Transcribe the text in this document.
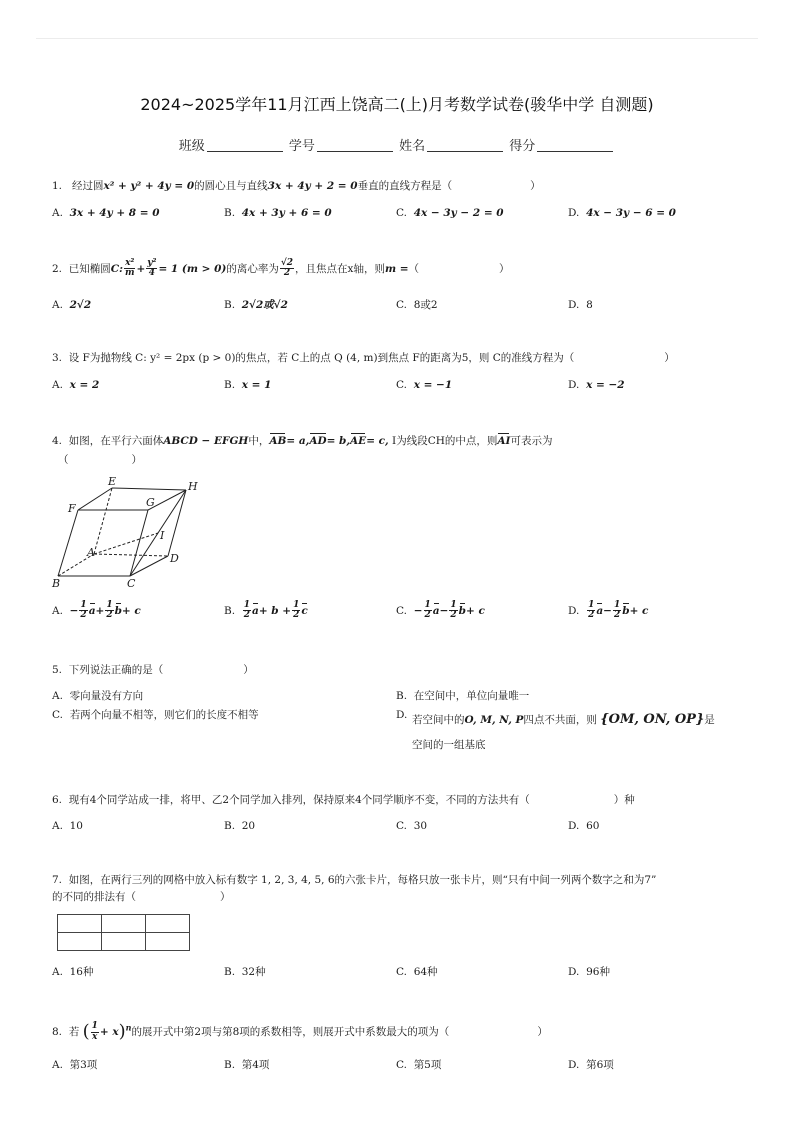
2024~2025学年11月江西上饶高二(上)月考数学试卷(骏华中学 自测题)
班级	学号	姓名	得分
1. 经过圆x² + y² + 4y = 0的圆心且与直线3x + 4y + 2 = 0垂直的直线方程是（	）
A. 3x + 4y + 8 = 0	B. 4x + 3y + 6 = 0	C. 4x − 3y − 2 = 0	D. 4x − 3y − 6 = 0
2. 已知椭圆C: $\frac{\text{x²}}{m} + \frac{\text{y²}}{4} = 1$ (m > 0)的离心率为 $\frac{√2}{2}$ ，且焦点在x轴，则m =（	）
A. 2√2	B. 2√2或√2	C. 8或2	D. 8
3. 设 F为抛物线 C: y² = 2px (p > 0)的焦点，若 C上的点 Q (4, m)到焦点 F的距离为5，则 C的准线方程为（	）
A. x = 2	B. x = 1	C. x = −1	D. x = −2
4. 如图，在平行六面体ABCD − EFGH中，AB= a,AD= b,AE= c, I为线段CH的中点，则AI可表示为
（　　　　　　）
E
G
H
F
I
A	D
B	C
A. − $\frac{1}{2} a+ \frac{1}{2} b+ c$	B. $\frac{1}{2} a+ b + \frac{1}{2}$ c	C. − $\frac{1}{2} a- \frac{1}{2} b+ c$	D. $\frac{1}{2} a- \frac{1}{2} b+ c$
5. 下列说法正确的是（	）
A. 零向量没有方向	B. 在空间中，单位向量唯一
C. 若两个向量不相等，则它们的长度不相等	D. 若空间中的O, M, N, P四点不共面，则 {OM, ON, OP}是
空间的一组基底
6. 现有4个同学站成一排，将甲、乙2个同学加入排列，保持原来4个同学顺序不变，不同的方法共有（	）种
A. 10	B. 20	C. 30	D. 60
7. 如图，在两行三列的网格中放入标有数字 1, 2, 3, 4, 5, 6的六张卡片，每格只放一张卡片，则“只有中间一列两个数字之和为7”
的不同的排法有（	）

A. 16种	B. 32种	C. 64种	D. 96种
8. 若 ( $\frac{1}{x} + x)^n$的展开式中第2项与第8项的系数相等，则展开式中系数最大的项为（	）
A. 第3项	B. 第4项	C. 第5项	D. 第6项
